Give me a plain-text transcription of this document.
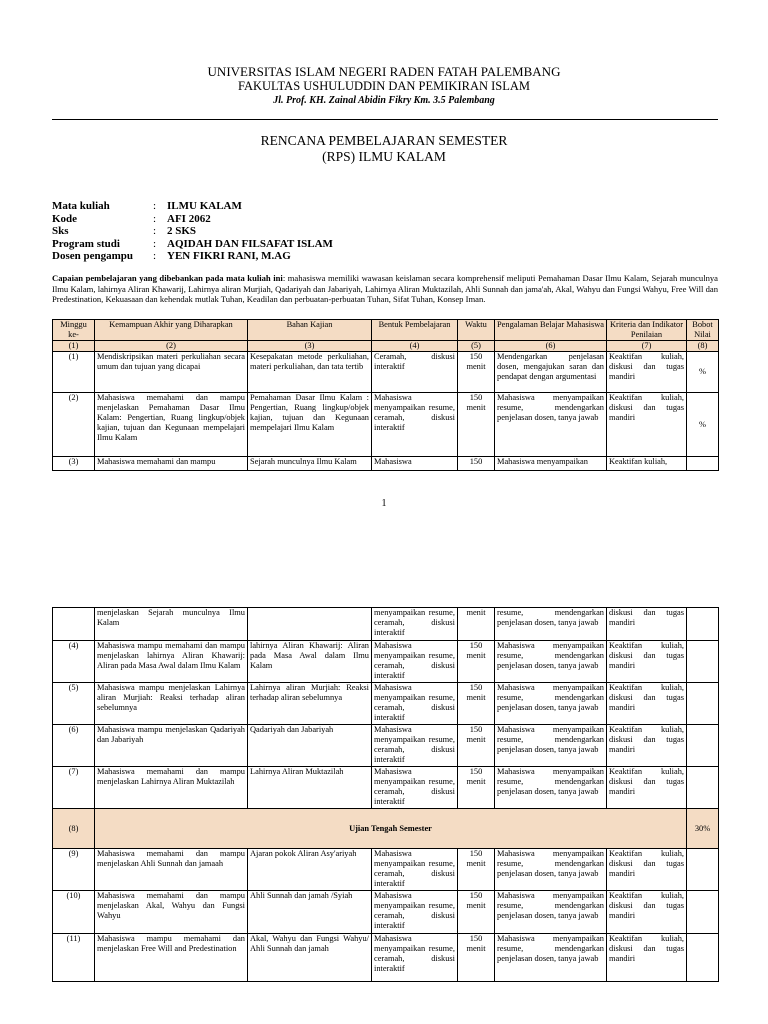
UNIVERSITAS ISLAM NEGERI RADEN FATAH PALEMBANG
FAKULTAS USHULUDDIN DAN PEMIKIRAN ISLAM
Jl. Prof. KH. Zainal Abidin Fikry Km. 3.5 Palembang
RENCANA PEMBELAJARAN SEMESTER
(RPS) ILMU KALAM
Mata kuliah	: ILMU KALAM
Kode	: AFI 2062
Sks	: 2 SKS
Program studi	: AQIDAH DAN FILSAFAT ISLAM
Dosen pengampu	: YEN FIKRI RANI, M.AG
Capaian pembelajaran yang dibebankan pada mata kuliah ini: mahasiswa memiliki wawasan keislaman secara komprehensif meliputi Pemahaman Dasar Ilmu Kalam, Sejarah munculnya Ilmu Kalam, lahirnya Aliran Khawarij, Lahirnya aliran Murjiah, Qadariyah dan Jabariyah, Lahirnya Aliran Muktazilah, Ahli Sunnah dan jama'ah, Akal, Wahyu dan Fungsi Wahyu, Free Will dan Predestination, Kekuasaan dan kehendak mutlak Tuhan, Keadilan dan perbuatan-perbuatan Tuhan, Sifat Tuhan, Konsep Iman.
Minggu ke-	Kemampuan Akhir yang Diharapkan	Bahan Kajian	Bentuk Pembelajaran	Waktu	Pengalaman Belajar Mahasiswa	Kriteria dan Indikator Penilaian	Bobot Nilai
(1)	(2)	(3)	(4)	(5)	(6)	(7)	(8)
(1)	Mendiskripsikan materi perkuliahan secara umum dan tujuan yang dicapai	Kesepakatan metode perkuliahan, materi perkuliahan, dan tata tertib	Ceramah, diskusi interaktif	150 menit	Mendengarkan penjelasan dosen, mengajukan saran dan pendapat dengan argumentasi	Keaktifan kuliah, diskusi dan tugas mandiri	%
(2)	Mahasiswa memahami dan mampu menjelaskan Pemahaman Dasar Ilmu Kalam: Pengertian, Ruang lingkup/objek kajian, tujuan dan Kegunaan mempelajari Ilmu Kalam	Pemahaman Dasar Ilmu Kalam : Pengertian, Ruang lingkup/objek kajian, tujuan dan Kegunaan mempelajari Ilmu Kalam	Mahasiswa menyampaikan resume, ceramah, diskusi interaktif	150 menit	Mahasiswa menyampaikan resume, mendengarkan penjelasan dosen, tanya jawab	Keaktifan kuliah, diskusi dan tugas mandiri	%
(3)	Mahasiswa memahami dan mampu	Sejarah munculnya Ilmu Kalam	Mahasiswa	150	Mahasiswa menyampaikan	Keaktifan kuliah,	
1
	menjelaskan Sejarah munculnya Ilmu Kalam		menyampaikan resume, ceramah, diskusi interaktif	menit	resume, mendengarkan penjelasan dosen, tanya jawab	diskusi dan tugas mandiri	
(4)	Mahasiswa mampu memahami dan mampu menjelaskan lahirnya Aliran Khawarij: Aliran pada Masa Awal dalam Ilmu Kalam	lahirnya Aliran Khawarij: Aliran pada Masa Awal dalam Ilmu Kalam	Mahasiswa menyampaikan resume, ceramah, diskusi interaktif	150 menit	Mahasiswa menyampaikan resume, mendengarkan penjelasan dosen, tanya jawab	Keaktifan kuliah, diskusi dan tugas mandiri	
(5)	Mahasiswa mampu menjelaskan Lahirnya aliran Murjiah: Reaksi terhadap aliran sebelumnya	Lahirnya aliran Murjiah: Reaksi terhadap aliran sebelumnya	Mahasiswa menyampaikan resume, ceramah, diskusi interaktif	150 menit	Mahasiswa menyampaikan resume, mendengarkan penjelasan dosen, tanya jawab	Keaktifan kuliah, diskusi dan tugas mandiri	
(6)	Mahasiswa mampu menjelaskan Qadariyah dan Jabariyah	Qadariyah dan Jabariyah	Mahasiswa menyampaikan resume, ceramah, diskusi interaktif	150 menit	Mahasiswa menyampaikan resume, mendengarkan penjelasan dosen, tanya jawab	Keaktifan kuliah, diskusi dan tugas mandiri	
(7)	Mahasiswa memahami dan mampu menjelaskan Lahirnya Aliran Muktazilah	Lahirnya Aliran Muktazilah	Mahasiswa menyampaikan resume, ceramah, diskusi interaktif	150 menit	Mahasiswa menyampaikan resume, mendengarkan penjelasan dosen, tanya jawab	Keaktifan kuliah, diskusi dan tugas mandiri	
(8)	Ujian Tengah Semester						30%
(9)	Mahasiswa memahami dan mampu menjelaskan Ahli Sunnah dan jamaah	Ajaran pokok Aliran Asy'ariyah	Mahasiswa menyampaikan resume, ceramah, diskusi interaktif	150 menit	Mahasiswa menyampaikan resume, mendengarkan penjelasan dosen, tanya jawab	Keaktifan kuliah, diskusi dan tugas mandiri	
(10)	Mahasiswa memahami dan mampu menjelaskan Akal, Wahyu dan Fungsi Wahyu	Ahli Sunnah dan jamah /Syiah	Mahasiswa menyampaikan resume, ceramah, diskusi interaktif	150 menit	Mahasiswa menyampaikan resume, mendengarkan penjelasan dosen, tanya jawab	Keaktifan kuliah, diskusi dan tugas mandiri	
(11)	Mahasiswa mampu memahami dan menjelaskan Free Will and Predestination	Akal, Wahyu dan Fungsi Wahyu/ Ahli Sunnah dan jamah	Mahasiswa menyampaikan resume, ceramah, diskusi interaktif	150 menit	Mahasiswa menyampaikan resume, mendengarkan penjelasan dosen, tanya jawab	Keaktifan kuliah, diskusi dan tugas mandiri	
